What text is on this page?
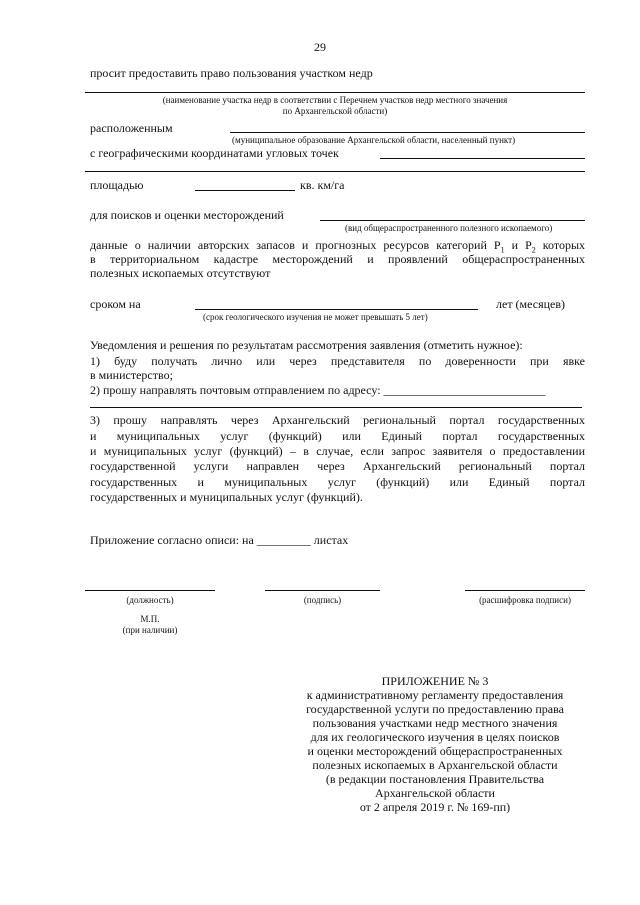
29
просит предоставить право пользования участком недр
(наименование участка недр в соответствии с Перечнем участков недр местного значения
по Архангельской области)
расположенным
(муниципальное образование Архангельской области, населенный пункт)
с географическими координатами угловых точек
площадью	кв. км/га
для поисков и оценки месторождений
(вид общераспространенного полезного ископаемого)
данные о наличии авторских запасов и прогнозных ресурсов категорий $Р_1$ и $Р_2$ которых
в территориальном кадастре месторождений и проявлений общераспространенных
полезных ископаемых отсутствуют
сроком на	лет (месяцев)
(срок геологического изучения не может превышать 5 лет)
Уведомления и решения по результатам рассмотрения заявления (отметить нужное):
1) буду получать лично или через представителя по доверенности при явке
в министерство;
2) прошу направлять почтовым отправлением по адресу: ___________________________
3) прошу направлять через Архангельский региональный портал государственных
и муниципальных услуг (функций) или Единый портал государственных
и муниципальных услуг (функций) – в случае, если запрос заявителя о предоставлении
государственной услуги направлен через Архангельский региональный портал
государственных и муниципальных услуг (функций) или Единый портал
государственных и муниципальных услуг (функций).
Приложение согласно описи: на _________ листах
(должность)	(подпись)	(расшифровка подписи)
М.П.
(при наличии)
ПРИЛОЖЕНИЕ № 3
к административному регламенту предоставления
государственной услуги по предоставлению права
пользования участками недр местного значения
для их геологического изучения в целях поисков
и оценки месторождений общераспространенных
полезных ископаемых в Архангельской области
(в редакции постановления Правительства
Архангельской области
от 2 апреля 2019 г. № 169-пп)
